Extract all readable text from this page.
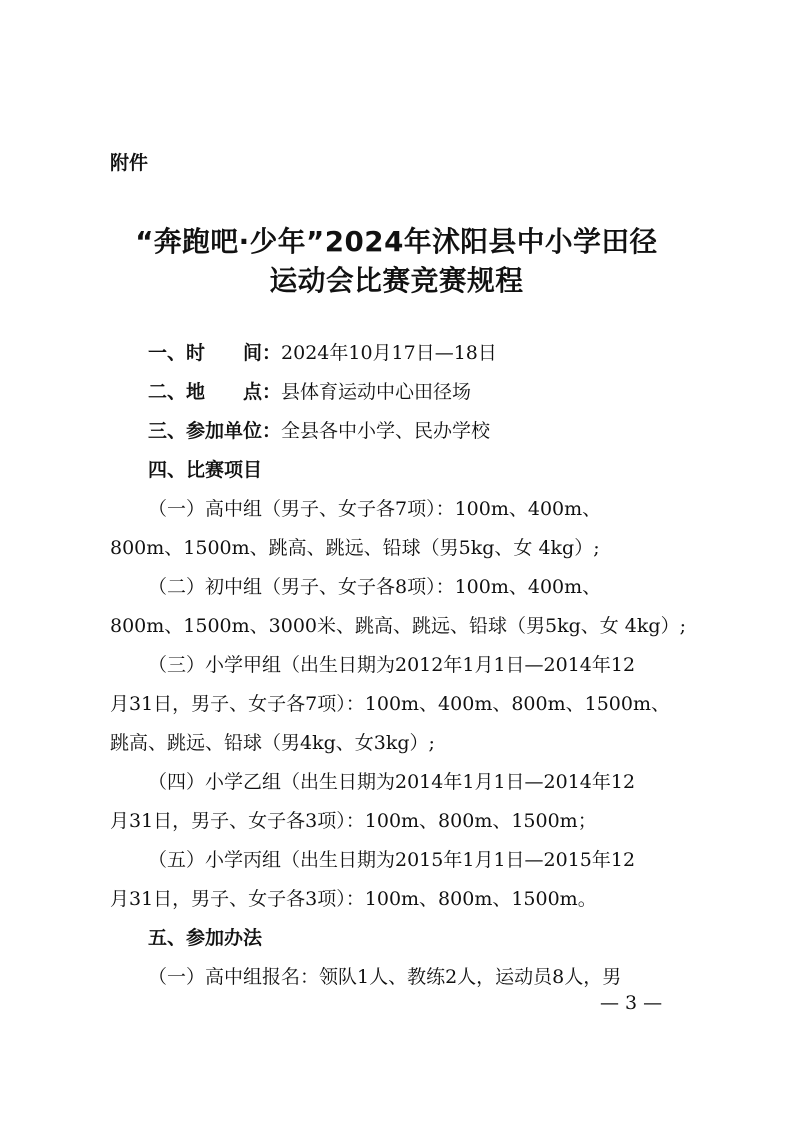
附件
“奔跑吧·少年”2024年沭阳县中小学田径
运动会比赛竞赛规程
一、时　　间：2024年10月17日—18日
二、地　　点：县体育运动中心田径场
三、参加单位：全县各中小学、民办学校
四、比赛项目
（一）高中组（男子、女子各7项）：100m、400m、
800m、1500m、跳高、跳远、铅球（男5kg、女 4kg）;
（二）初中组（男子、女子各8项）：100m、400m、
800m、1500m、3000米、跳高、跳远、铅球（男5kg、女 4kg）;
（三）小学甲组（出生日期为2012年1月1日—2014年12
月31日，男子、女子各7项）：100m、400m、800m、1500m、
跳高、跳远、铅球（男4kg、女3kg）;
（四）小学乙组（出生日期为2014年1月1日—2014年12
月31日，男子、女子各3项）：100m、800m、1500m；
（五）小学丙组（出生日期为2015年1月1日—2015年12
月31日，男子、女子各3项）：100m、800m、1500m。
五、参加办法
（一）高中组报名：领队1人、教练2人，运动员8人，男
— 3 —
